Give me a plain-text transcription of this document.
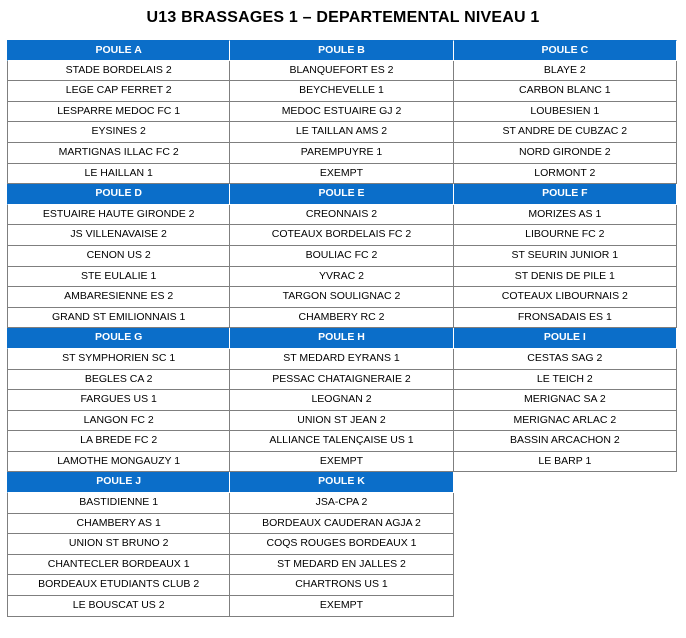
U13 BRASSAGES 1 – DEPARTEMENTAL NIVEAU 1
POULE A	POULE B	POULE C
STADE BORDELAIS 2	BLANQUEFORT ES 2	BLAYE 2
LEGE CAP FERRET 2	BEYCHEVELLE 1	CARBON BLANC 1
LESPARRE MEDOC FC 1	MEDOC ESTUAIRE GJ 2	LOUBESIEN 1
EYSINES 2	LE TAILLAN AMS 2	ST ANDRE DE CUBZAC 2
MARTIGNAS ILLAC FC 2	PAREMPUYRE 1	NORD GIRONDE 2
LE HAILLAN 1	EXEMPT	LORMONT 2
POULE D	POULE E	POULE F
ESTUAIRE HAUTE GIRONDE 2	CREONNAIS 2	MORIZES AS 1
JS VILLENAVAISE 2	COTEAUX BORDELAIS FC 2	LIBOURNE FC 2
CENON US 2	BOULIAC FC 2	ST SEURIN JUNIOR 1
STE EULALIE 1	YVRAC 2	ST DENIS DE PILE 1
AMBARESIENNE ES 2	TARGON SOULIGNAC 2	COTEAUX LIBOURNAIS 2
GRAND ST EMILIONNAIS 1	CHAMBERY RC 2	FRONSADAIS ES 1
POULE G	POULE H	POULE I
ST SYMPHORIEN SC 1	ST MEDARD EYRANS 1	CESTAS SAG 2
BEGLES CA 2	PESSAC CHATAIGNERAIE 2	LE TEICH 2
FARGUES US 1	LEOGNAN 2	MERIGNAC SA 2
LANGON FC 2	UNION ST JEAN 2	MERIGNAC ARLAC 2
LA BREDE FC 2	ALLIANCE TALENÇAISE US 1	BASSIN ARCACHON 2
LAMOTHE MONGAUZY 1	EXEMPT	LE BARP 1
POULE J	POULE K
BASTIDIENNE 1	JSA-CPA 2
CHAMBERY AS 1	BORDEAUX CAUDERAN AGJA 2
UNION ST BRUNO 2	COQS ROUGES BORDEAUX 1
CHANTECLER BORDEAUX 1	ST MEDARD EN JALLES 2
BORDEAUX ETUDIANTS CLUB 2	CHARTRONS US 1
LE BOUSCAT US 2	EXEMPT
